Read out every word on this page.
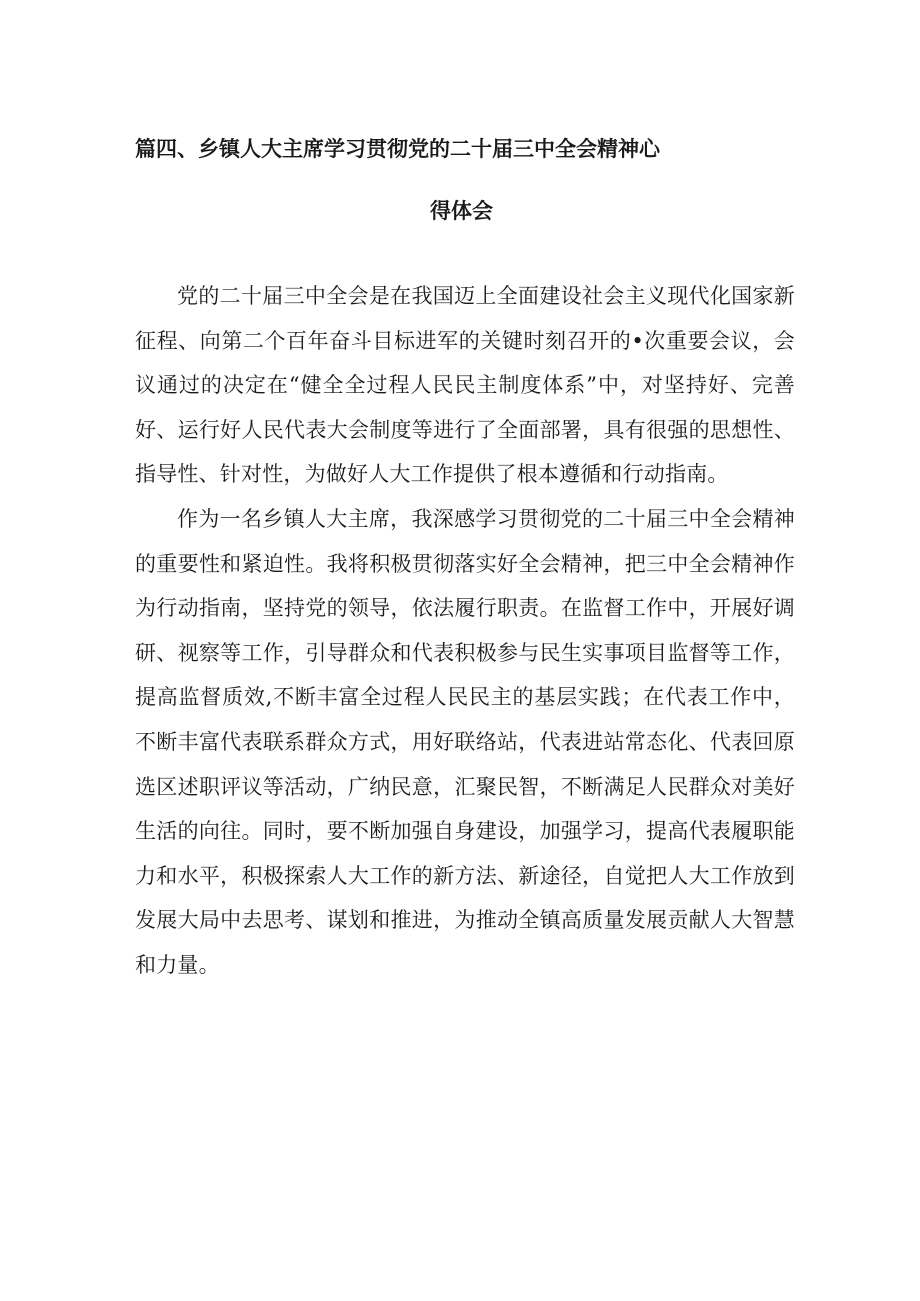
篇四、乡镇人大主席学习贯彻党的二十届三中全会精神心
得体会

党的二十届三中全会是在我国迈上全面建设社会主义现代化国家新征程、向第二个百年奋斗目标进军的关键时刻召开的•次重要会议，会议通过的决定在“健全全过程人民民主制度体系”中，对坚持好、完善好、运行好人民代表大会制度等进行了全面部署，具有很强的思想性、指导性、针对性，为做好人大工作提供了根本遵循和行动指南。

作为一名乡镇人大主席，我深感学习贯彻党的二十届三中全会精神的重要性和紧迫性。我将积极贯彻落实好全会精神，把三中全会精神作为行动指南，坚持党的领导，依法履行职责。在监督工作中，开展好调研、视察等工作，引导群众和代表积极参与民生实事项目监督等工作，提高监督质效,不断丰富全过程人民民主的基层实践；在代表工作中，不断丰富代表联系群众方式，用好联络站，代表进站常态化、代表回原选区述职评议等活动，广纳民意，汇聚民智，不断满足人民群众对美好生活的向往。同时，要不断加强自身建设，加强学习，提高代表履职能力和水平，积极探索人大工作的新方法、新途径，自觉把人大工作放到发展大局中去思考、谋划和推进，为推动全镇高质量发展贡献人大智慧和力量。
